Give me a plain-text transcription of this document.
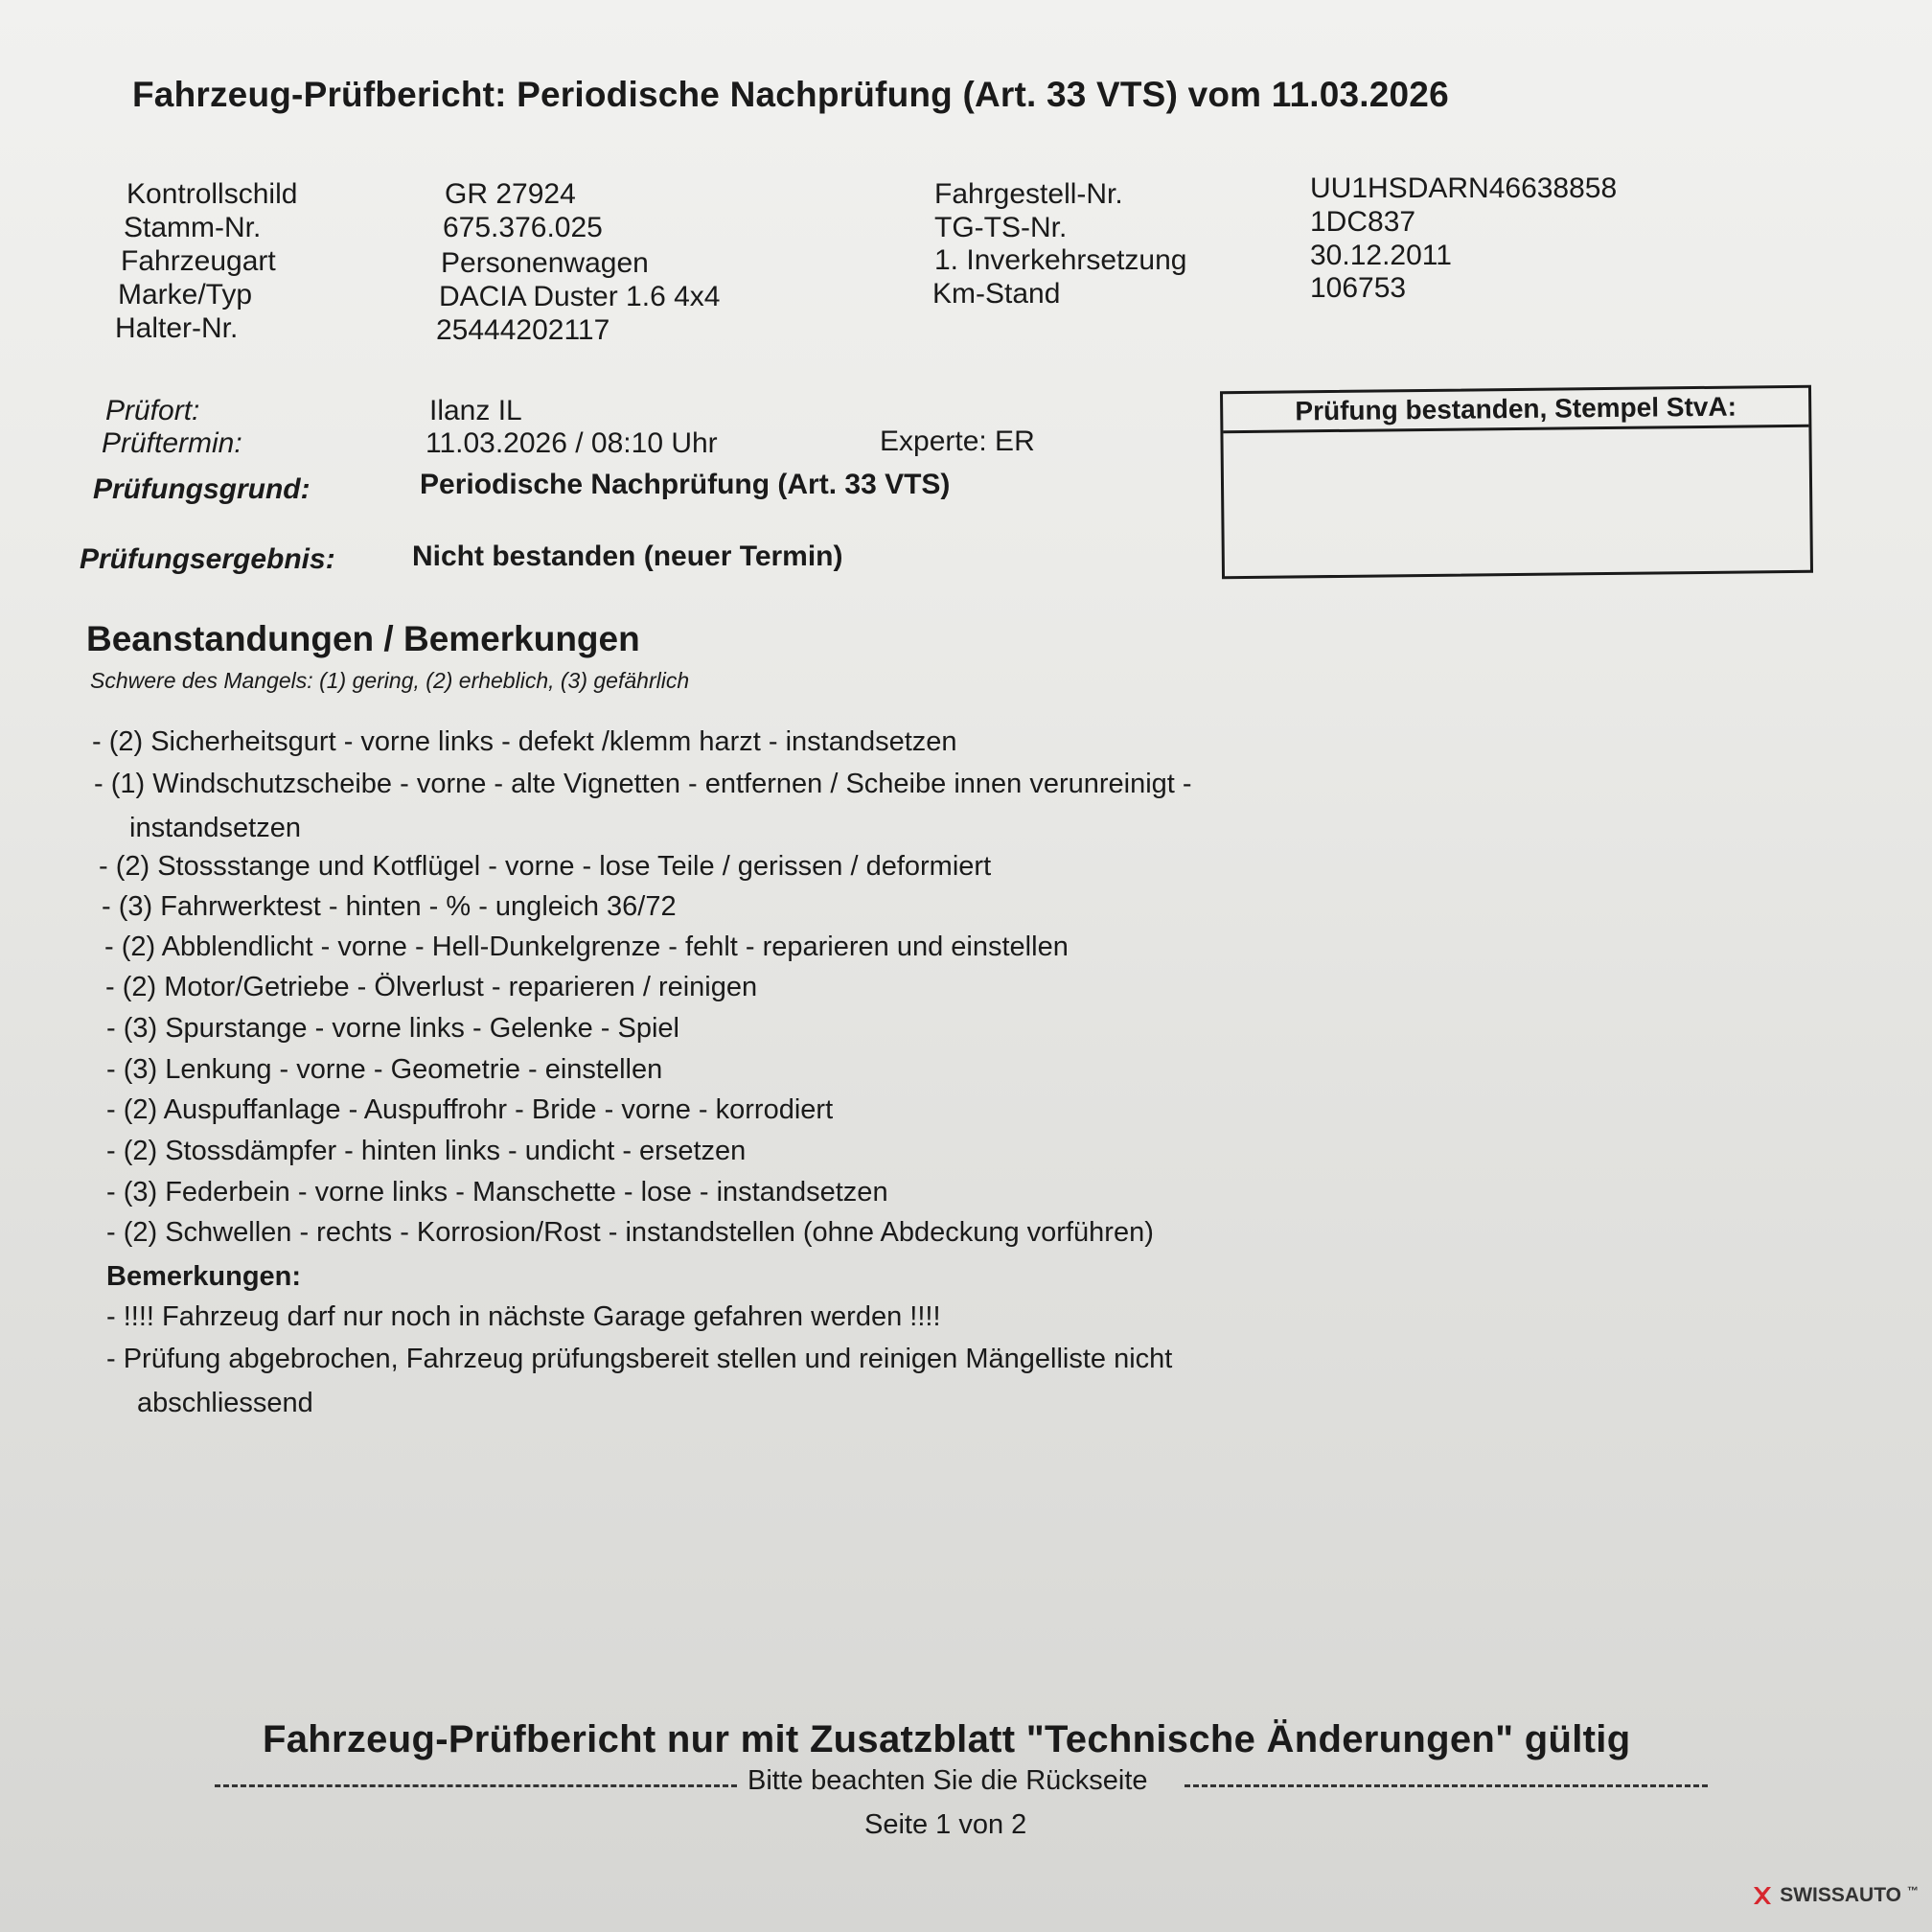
Fahrzeug-Prüfbericht: Periodische Nachprüfung (Art. 33 VTS) vom 11.03.2026
Kontrollschild	GR 27924
Stamm-Nr.	675.376.025
Fahrzeugart	Personenwagen
Marke/Typ	DACIA Duster 1.6 4x4
Halter-Nr.	25444202117
Fahrgestell-Nr.	UU1HSDARN46638858
TG-TS-Nr.	1DC837
1. Inverkehrsetzung	30.12.2011
Km-Stand	106753
Prüfort:	Ilanz IL
Prüftermin:	11.03.2026 / 08:10 Uhr	Experte: ER
Prüfungsgrund:	Periodische Nachprüfung (Art. 33 VTS)
Prüfungsergebnis:	Nicht bestanden (neuer Termin)
Prüfung bestanden, Stempel StvA:
Beanstandungen / Bemerkungen
Schwere des Mangels: (1) gering, (2) erheblich, (3) gefährlich
- (2) Sicherheitsgurt - vorne links - defekt /klemm harzt - instandsetzen
- (1) Windschutzscheibe - vorne - alte Vignetten - entfernen / Scheibe innen verunreinigt -
instandsetzen
- (2) Stossstange und Kotflügel - vorne - lose Teile / gerissen / deformiert
- (3) Fahrwerktest - hinten - % - ungleich 36/72
- (2) Abblendlicht - vorne - Hell-Dunkelgrenze - fehlt - reparieren und einstellen
- (2) Motor/Getriebe - Ölverlust - reparieren / reinigen
- (3) Spurstange - vorne links - Gelenke - Spiel
- (3) Lenkung - vorne - Geometrie - einstellen
- (2) Auspuffanlage - Auspuffrohr - Bride - vorne - korrodiert
- (2) Stossdämpfer - hinten links - undicht - ersetzen
- (3) Federbein - vorne links - Manschette - lose - instandsetzen
- (2) Schwellen - rechts - Korrosion/Rost - instandstellen (ohne Abdeckung vorführen)
Bemerkungen:
- !!!! Fahrzeug darf nur noch in nächste Garage gefahren werden !!!!
- Prüfung abgebrochen, Fahrzeug prüfungsbereit stellen und reinigen Mängelliste nicht
abschliessend
Fahrzeug-Prüfbericht nur mit Zusatzblatt "Technische Änderungen" gültig
Bitte beachten Sie die Rückseite
Seite 1 von 2
SWISSAUTO ™
